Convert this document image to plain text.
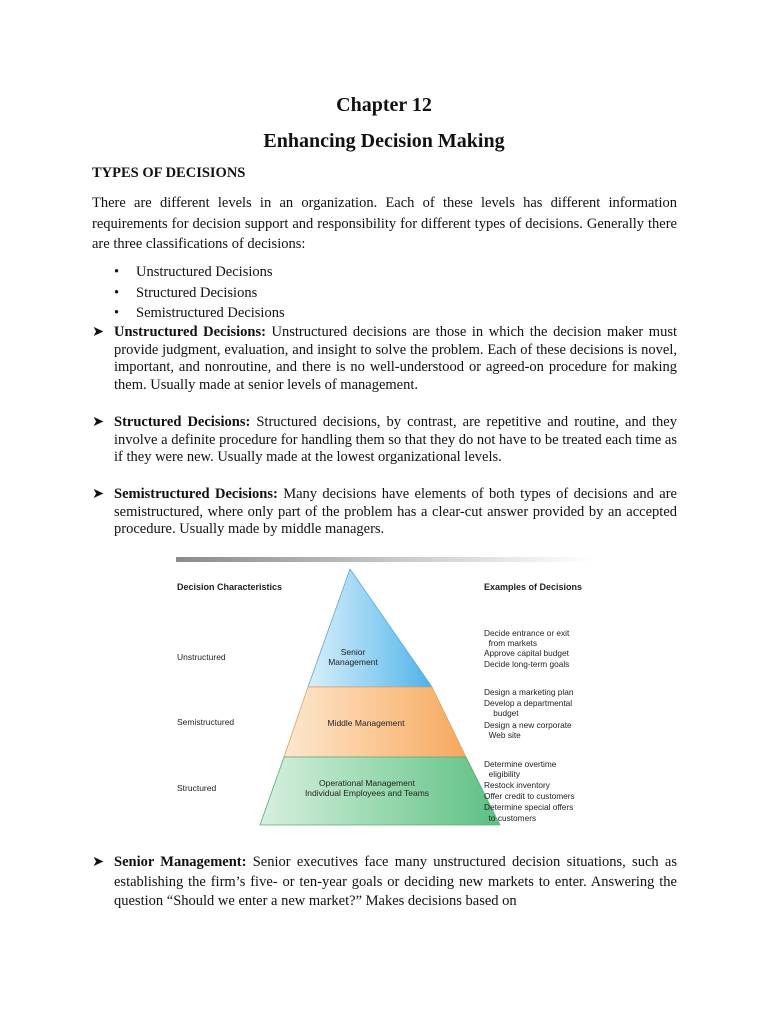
Chapter 12
Enhancing Decision Making
TYPES OF DECISIONS

There are different levels in an organization. Each of these levels has different information requirements for decision support and responsibility for different types of decisions. Generally there are three classifications of decisions:

• Unstructured Decisions
• Structured Decisions
• Semistructured Decisions
➤ Unstructured Decisions: Unstructured decisions are those in which the decision maker must provide judgment, evaluation, and insight to solve the problem. Each of these decisions is novel, important, and nonroutine, and there is no well-understood or agreed-on procedure for making them. Usually made at senior levels of management.
➤ Structured Decisions: Structured decisions, by contrast, are repetitive and routine, and they involve a definite procedure for handling them so that they do not have to be treated each time as if they were new. Usually made at the lowest organizational levels.
➤ Semistructured Decisions: Many decisions have elements of both types of decisions and are semistructured, where only part of the problem has a clear-cut answer provided by an accepted procedure. Usually made by middle managers.
Decision Characteristics	Examples of Decisions
Senior
Management
Middle Management
Operational Management
Individual Employees and Teams
Unstructured
Semistructured
Structured
Decide entrance or exit
from markets
Approve capital budget
Decide long-term goals
Design a marketing plan
Develop a departmental
budget
Design a new corporate
Web site
Determine overtime
eligibility
Restock inventory
Offer credit to customers
Determine special offers
to customers
➤ Senior Management: Senior executives face many unstructured decision situations, such as establishing the firm’s five- or ten-year goals or deciding new markets to enter. Answering the question “Should we enter a new market?” Makes decisions based on
